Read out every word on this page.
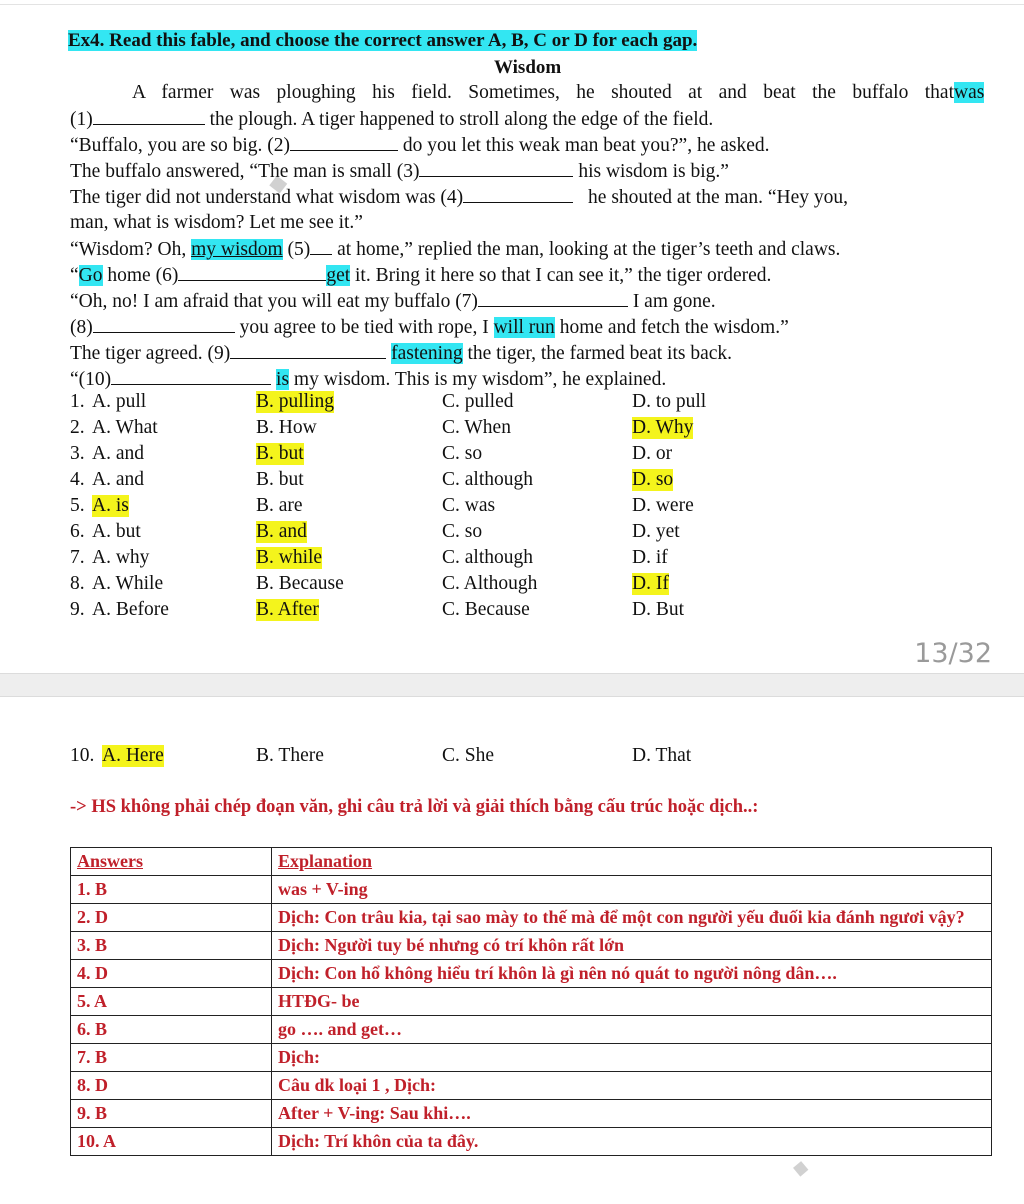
Ex4. Read this fable, and choose the correct answer A, B, C or D for each gap.
Wisdom
A farmer was ploughing his field. Sometimes, he shouted at and beat the buffalo thatwas
(1)	the plough. A tiger happened to stroll along the edge of the field.
“Buffalo, you are so big. (2)	do you let this weak man beat you?”, he asked.
The buffalo answered, “The man is small (3)	his wisdom is big.”
The tiger did not understand what wisdom was (4)	he shouted at the man. “Hey you,
man, what is wisdom? Let me see it.”
“Wisdom? Oh, my wisdom (5) at home,” replied the man, looking at the tiger’s teeth and claws.
“Go home (6)	get it. Bring it here so that I can see it,” the tiger ordered.
“Oh, no! I am afraid that you will eat my buffalo (7)	I am gone.
(8)	you agree to be tied with rope, I will run home and fetch the wisdom.”
The tiger agreed. (9)	fastening the tiger, the farmed beat its back.
“(10)	is my wisdom. This is my wisdom”, he explained.
1. A. pull	B. pulling	C. pulled	D. to pull
2. A. What	B. How	C. When	D. Why
3. A. and	B. but	C. so	D. or
4. A. and	B. but	C. although	D. so
5. A. is	B. are	C. was	D. were
6. A. but	B. and	C. so	D. yet
7. A. why	B. while	C. although	D. if
8. A. While	B. Because	C. Although	D. If
9. A. Before	B. After	C. Because	D. But
13/32
10. A. Here	B. There	C. She	D. That
-> HS không phải chép đoạn văn, ghi câu trả lời và giải thích bằng cấu trúc hoặc dịch..:
Answers	Explanation
1. B	was + V-ing
2. D	Dịch: Con trâu kia, tại sao mày to thế mà để một con người yếu đuối kia đánh ngươi vậy?
3. B	Dịch: Người tuy bé nhưng có trí khôn rất lớn
4. D	Dịch: Con hổ không hiểu trí khôn là gì nên nó quát to người nông dân….
5. A	HTĐG- be
6. B	go …. and get…
7. B	Dịch:
8. D	Câu dk loại 1 , Dịch:
9. B	After + V-ing: Sau khi….
10. A	Dịch: Trí khôn của ta đây.
·
·
